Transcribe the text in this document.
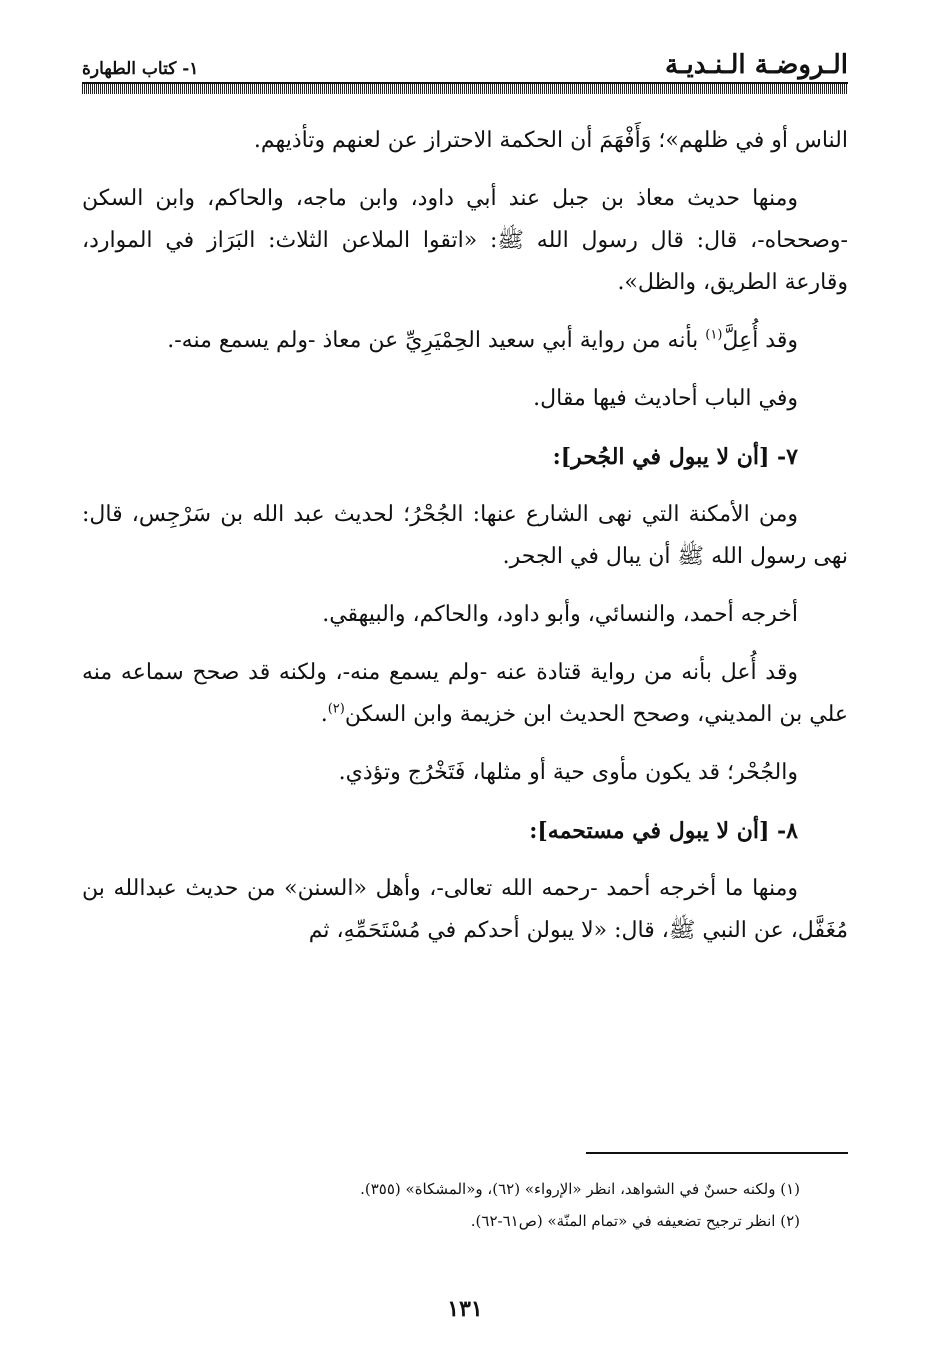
الـروضـة الـنـديـة
١- كتاب الطهارة

الناس أو في ظلهم»؛ وَأَفْهَمَ أن الحكمة الاحتراز عن لعنهم وتأذيهم.

ومنها حديث معاذ بن جبل عند أبي داود، وابن ماجه، والحاكم، وابن السكن -وصححاه-، قال: قال رسول الله ﷺ: «اتقوا الملاعن الثلاث: البَرَاز في الموارد، وقارعة الطريق، والظل».

وقد أُعِلَّ$^{(١)}$ بأنه من رواية أبي سعيد الحِمْيَرِيِّ عن معاذ -ولم يسمع منه-.

وفي الباب أحاديث فيها مقال.

٧- [أن لا يبول في الجُحر]:

ومن الأمكنة التي نهى الشارع عنها: الجُحْرُ؛ لحديث عبد الله بن سَرْجِس، قال: نهى رسول الله ﷺ أن يبال في الجحر.

أخرجه أحمد، والنسائي، وأبو داود، والحاكم، والبيهقي.

وقد أُعل بأنه من رواية قتادة عنه -ولم يسمع منه-، ولكنه قد صحح سماعه منه علي بن المديني، وصحح الحديث ابن خزيمة وابن السكن$^{(٢)}$.

والجُحْر؛ قد يكون مأوى حية أو مثلها، فَتَخْرُج وتؤذي.

٨- [أن لا يبول في مستحمه]:

ومنها ما أخرجه أحمد -رحمه الله تعالى-، وأهل «السنن» من حديث عبدالله بن مُغَفَّل، عن النبي ﷺ، قال: «لا يبولن أحدكم في مُسْتَحَمِّهِ، ثم

(١) ولكنه حسنٌ في الشواهد، انظر «الإرواء» (٦٢)، و«المشكاة» (٣٥٥).

(٢) انظر ترجيح تضعيفه في «تمام المنّة» (ص٦١-٦٢).

١٣١
